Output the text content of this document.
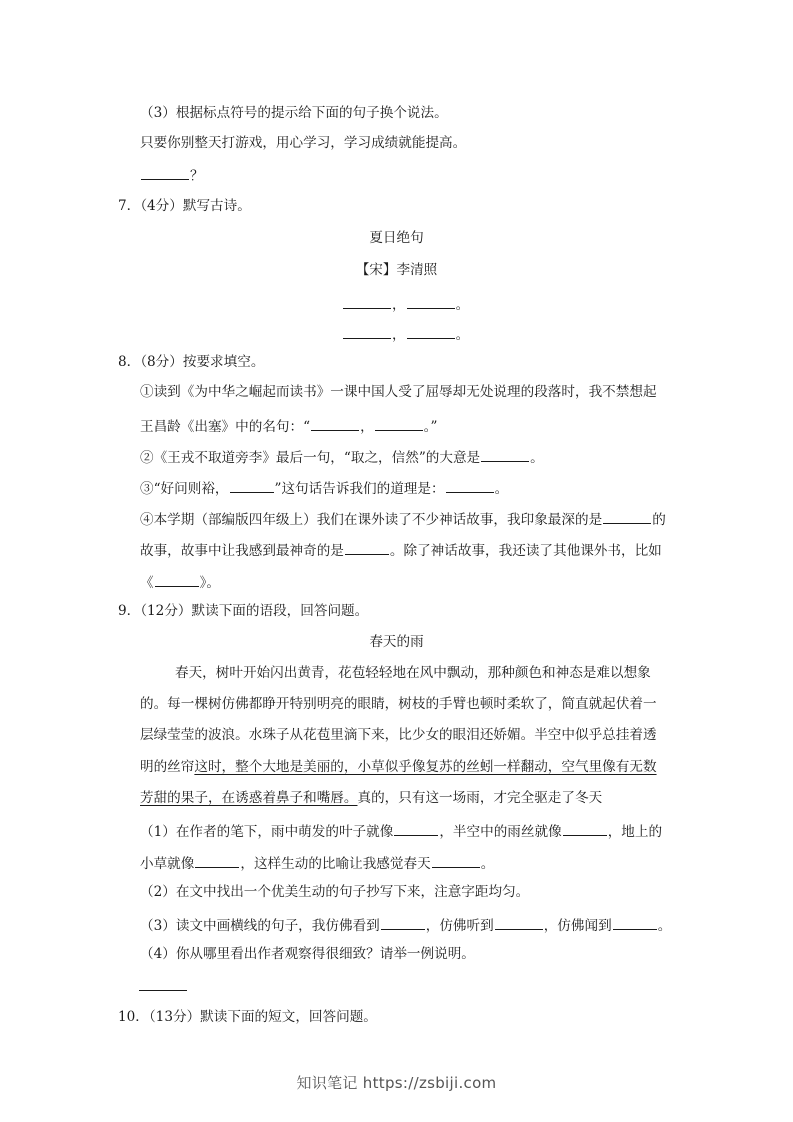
（3）根据标点符号的提示给下面的句子换个说法。
只要你别整天打游戏，用心学习，学习成绩就能提高。
？
7．（4分）默写古诗。
夏日绝句
【宋】李清照
，	。
，	。
8．（8分）按要求填空。
①读到《为中华之崛起而读书》一课中国人受了屈辱却无处说理的段落时，我不禁想起
王昌龄《出塞》中的名句：“	，	。”
②《王戎不取道旁李》最后一句，“取之，信然”的大意是	。
③“好问则裕，	”这句话告诉我们的道理是：	。
④本学期（部编版四年级上）我们在课外读了不少神话故事，我印象最深的是	的
故事，故事中让我感到最神奇的是	。除了神话故事，我还读了其他课外书，比如
《	》。
9．（12分）默读下面的语段，回答问题。
春天的雨
春天，树叶开始闪出黄青，花苞轻轻地在风中飘动，那种颜色和神态是难以想象
的。每一棵树仿佛都睁开特别明亮的眼睛，树枝的手臂也顿时柔软了，简直就起伏着一
层绿莹莹的波浪。水珠子从花苞里滴下来，比少女的眼泪还娇媚。半空中似乎总挂着透
明的丝帘这时，整个大地是美丽的，小草似乎像复苏的丝蚓一样翻动，空气里像有无数
芳甜的果子，在诱惑着鼻子和嘴唇。真的，只有这一场雨，才完全驱走了冬天
（1）在作者的笔下，雨中萌发的叶子就像	，半空中的雨丝就像	，地上的
小草就像	，这样生动的比喻让我感觉春天	。
（2）在文中找出一个优美生动的句子抄写下来，注意字距均匀。
（3）读文中画横线的句子，我仿佛看到	，仿佛听到	，仿佛闻到	。
（4）你从哪里看出作者观察得很细致？请举一例说明。
10．（13分）默读下面的短文，回答问题。
知识笔记 https://zsbiji.com
